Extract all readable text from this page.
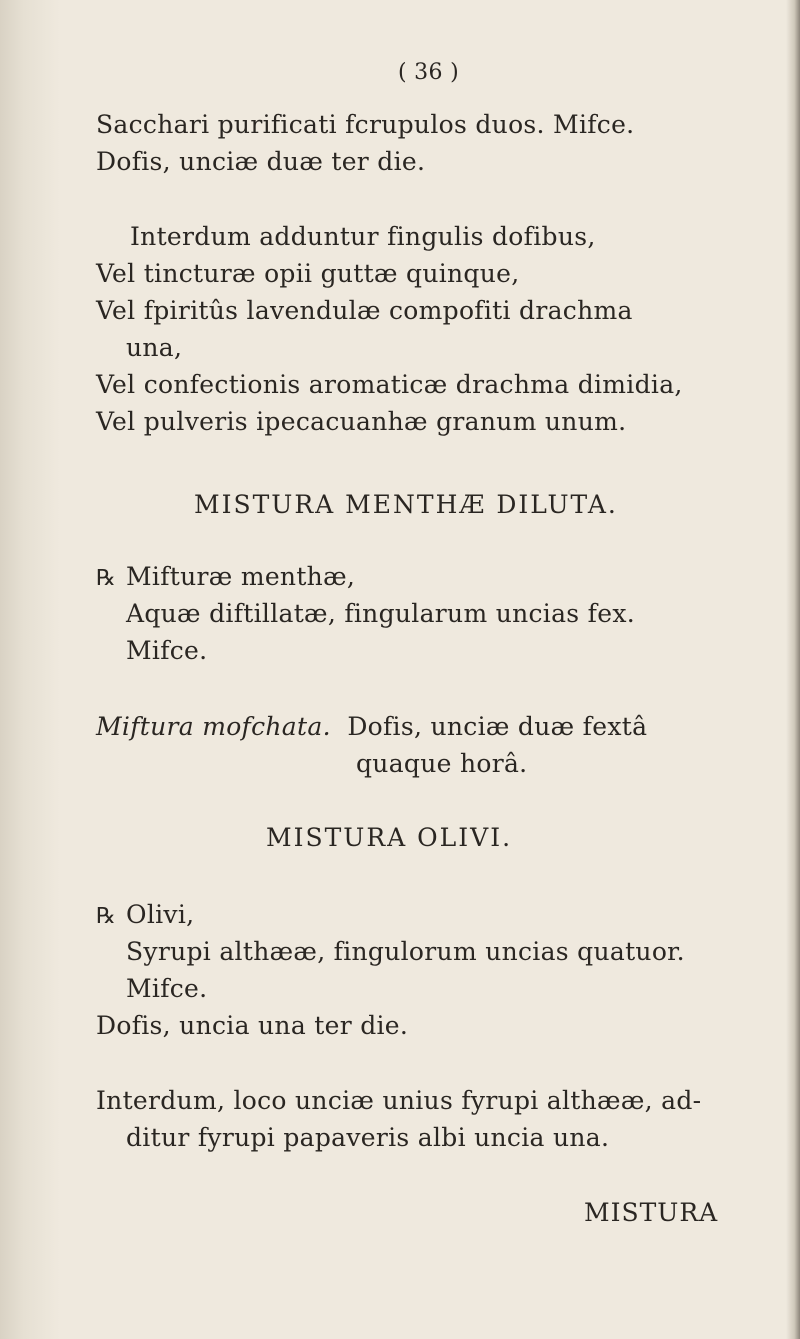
( 36 )
Sacchari purificati fcrupulos duos. Mifce.
Dofis, unciæ duæ ter die.
Interdum adduntur fingulis dofibus,
Vel tincturæ opii guttæ quinque,
Vel fpiritûs lavendulæ compofiti drachma
una,
Vel confectionis aromaticæ drachma dimidia,
Vel pulveris ipecacuanhæ granum unum.
MISTURA MENTHÆ DILUTA.
℞ Mifturæ menthæ,
Aquæ diftillatæ, fingularum uncias fex.
Mifce.
Miftura mofchata. Dofis, unciæ duæ fextâ
quaque horâ.
MISTURA OLIVI.
℞ Olivi,
Syrupi althææ, fingulorum uncias quatuor.
Mifce.
Dofis, uncia una ter die.
Interdum, loco unciæ unius fyrupi althææ, ad-
ditur fyrupi papaveris albi uncia una.
MISTURA
